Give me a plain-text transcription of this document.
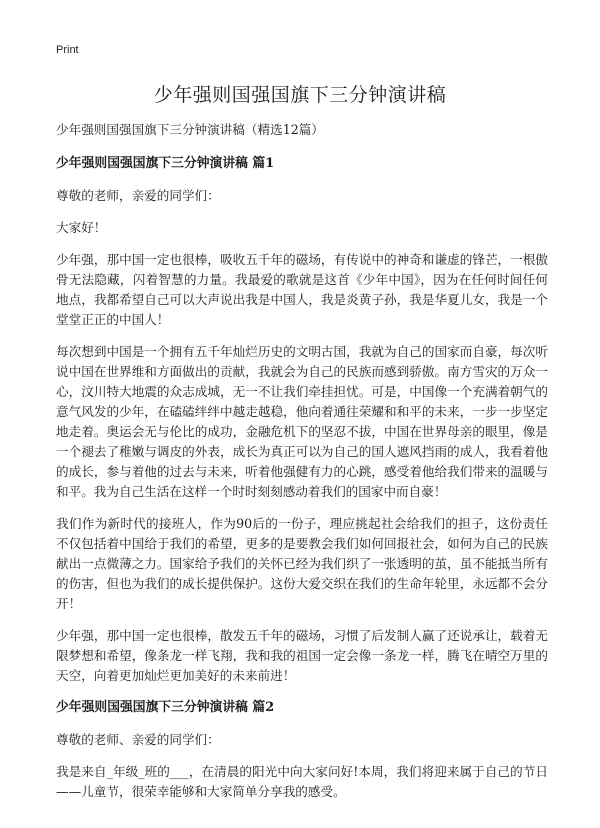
Print
少年强则国强国旗下三分钟演讲稿

少年强则国强国旗下三分钟演讲稿（精选12篇）

少年强则国强国旗下三分钟演讲稿 篇1

尊敬的老师，亲爱的同学们：

大家好！

少年强，那中国一定也很棒，吸收五千年的磁场，有传说中的神奇和谦虚的锋芒，一根傲骨无法隐藏，闪着智慧的力量。我最爱的歌就是这首《少年中国》，因为在任何时间任何地点，我都希望自己可以大声说出我是中国人，我是炎黄子孙，我是华夏儿女，我是一个堂堂正正的中国人！

每次想到中国是一个拥有五千年灿烂历史的文明古国，我就为自己的国家而自豪，每次听说中国在世界维和方面做出的贡献，我就会为自己的民族而感到骄傲。南方雪灾的万众一心，汶川特大地震的众志成城，无一不让我们牵挂担忧。可是，中国像一个充满着朝气的意气风发的少年，在磕磕绊绊中越走越稳，他向着通往荣耀和和平的未来，一步一步坚定地走着。奥运会无与伦比的成功，金融危机下的坚忍不拔，中国在世界母亲的眼里，像是一个褪去了稚嫩与调皮的外表，成长为真正可以为自己的国人遮风挡雨的成人，我看着他的成长，参与着他的过去与未来，听着他强健有力的心跳，感受着他给我们带来的温暖与和平。我为自己生活在这样一个时时刻刻感动着我们的国家中而自豪！

我们作为新时代的接班人，作为90后的一份子，理应挑起社会给我们的担子，这份责任不仅包括着中国给于我们的希望，更多的是要教会我们如何回报社会，如何为自己的民族献出一点微薄之力。国家给予我们的关怀已经为我们织了一张透明的茧，虽不能抵当所有的伤害，但也为我们的成长提供保护。这份大爱交织在我们的生命年轮里，永远都不会分开！

少年强，那中国一定也很棒，散发五千年的磁场，习惯了后发制人赢了还说承让，载着无限梦想和希望，像条龙一样飞翔，我和我的祖国一定会像一条龙一样，腾飞在晴空万里的天空，向着更加灿烂更加美好的未来前进！

少年强则国强国旗下三分钟演讲稿 篇2

尊敬的老师、亲爱的同学们：

我是来自_年级_班的___，在清晨的阳光中向大家问好!本周，我们将迎来属于自己的节日——儿童节，很荣幸能够和大家简单分享我的感受。
